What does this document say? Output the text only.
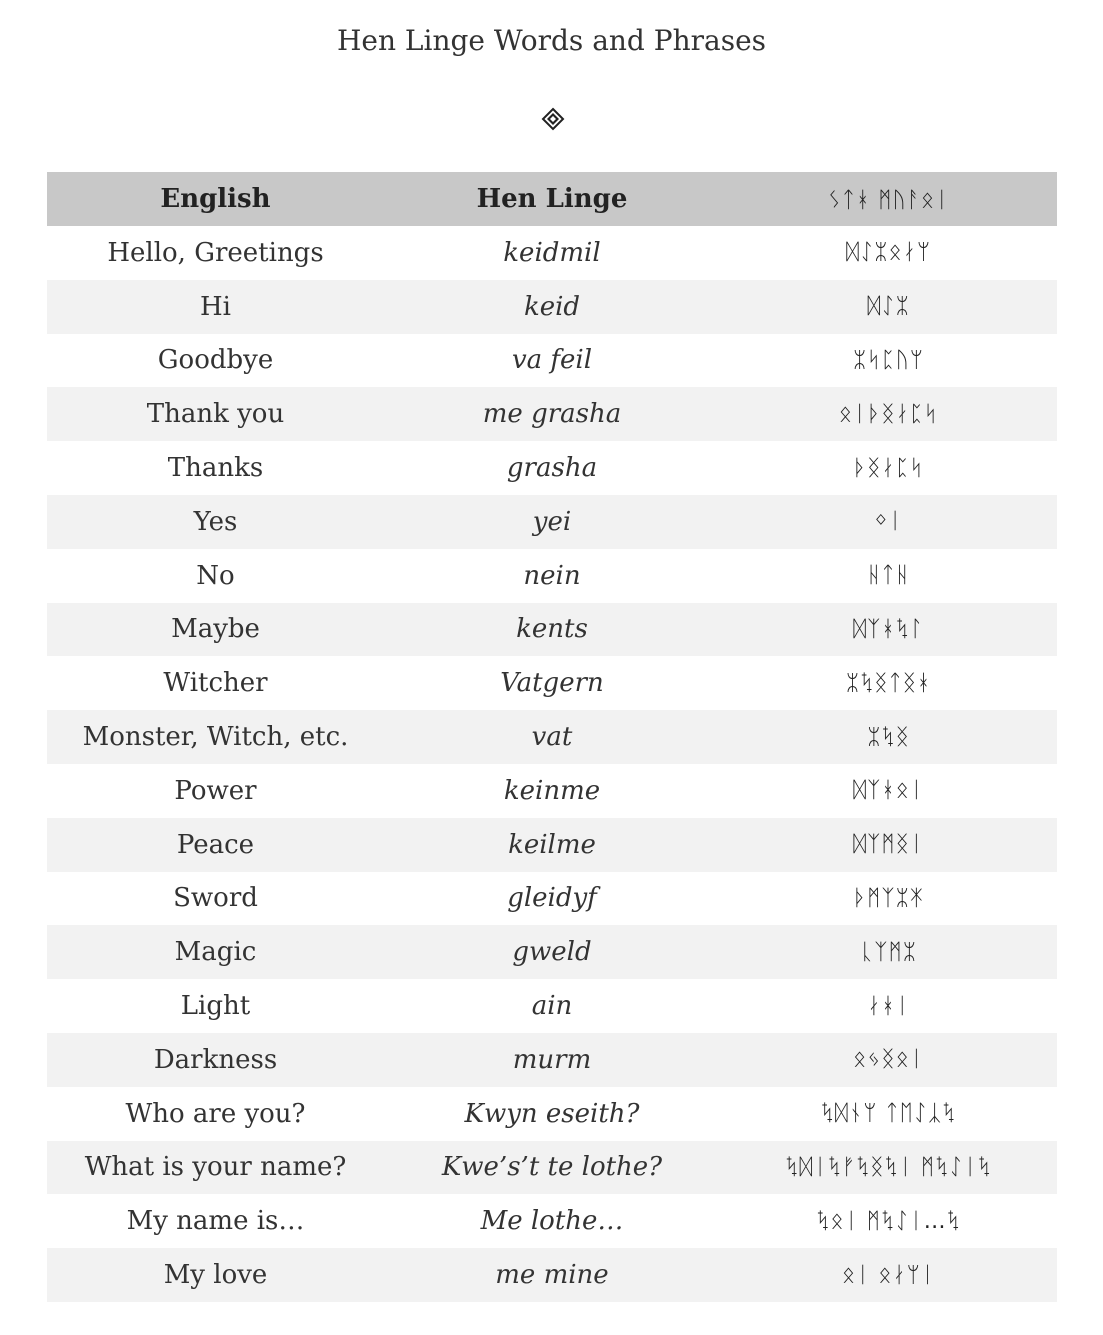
Hen Linge Words and Phrases
English	Hen Linge	ᛊᛏᚼ ᛗᚢᚨᛟᛁ
Hello, Greetings	keidmil	ᛞᛇᛯᛟᛅᛘ
Hi	keid	ᛞᛇᛯ
Goodbye	va feil	ᛯᛋᛈᚢᛘ
Thank you	me grasha	ᛟᛁᚦᛝᛅᛈᛋ
Thanks	grasha	ᚦᛝᛅᛈᛋ
Yes	yei	ᛜᛁ
No	nein	ᚺᛏᚺ
Maybe	kents	ᛞᛉᚼᛪᛚ
Witcher	Vatgern	ᛯᛪᛝᛏᛝᚼ
Monster, Witch, etc.	vat	ᛯᛪᛝ
Power	keinme	ᛞᛉᚼᛟᛁ
Peace	keilme	ᛞᛉᛗᛝᛁ
Sword	gleidyf	ᚦᛗᛉᛯᛡ
Magic	gweld	ᚳᛉᛗᛯ
Light	ain	ᛅᚼᛁ
Darkness	murm	ᛟᛃᛝᛟᛁ
Who are you?	Kwyn eseith?	ᛪᛞᚾᛘ ᛏᛖᛇᛣᛪ
What is your name?	Kwe’s’t te lothe?	ᛪᛞᛁᛪᚠᛪᛝᛪᛁ ᛗᛪᛇᛁᛪ
My name is…	Me lothe…	ᛪᛟᛁ ᛗᛪᛇᛁ…ᛪ
My love	me mine	ᛟᛁ ᛟᛅᛘᛁ
